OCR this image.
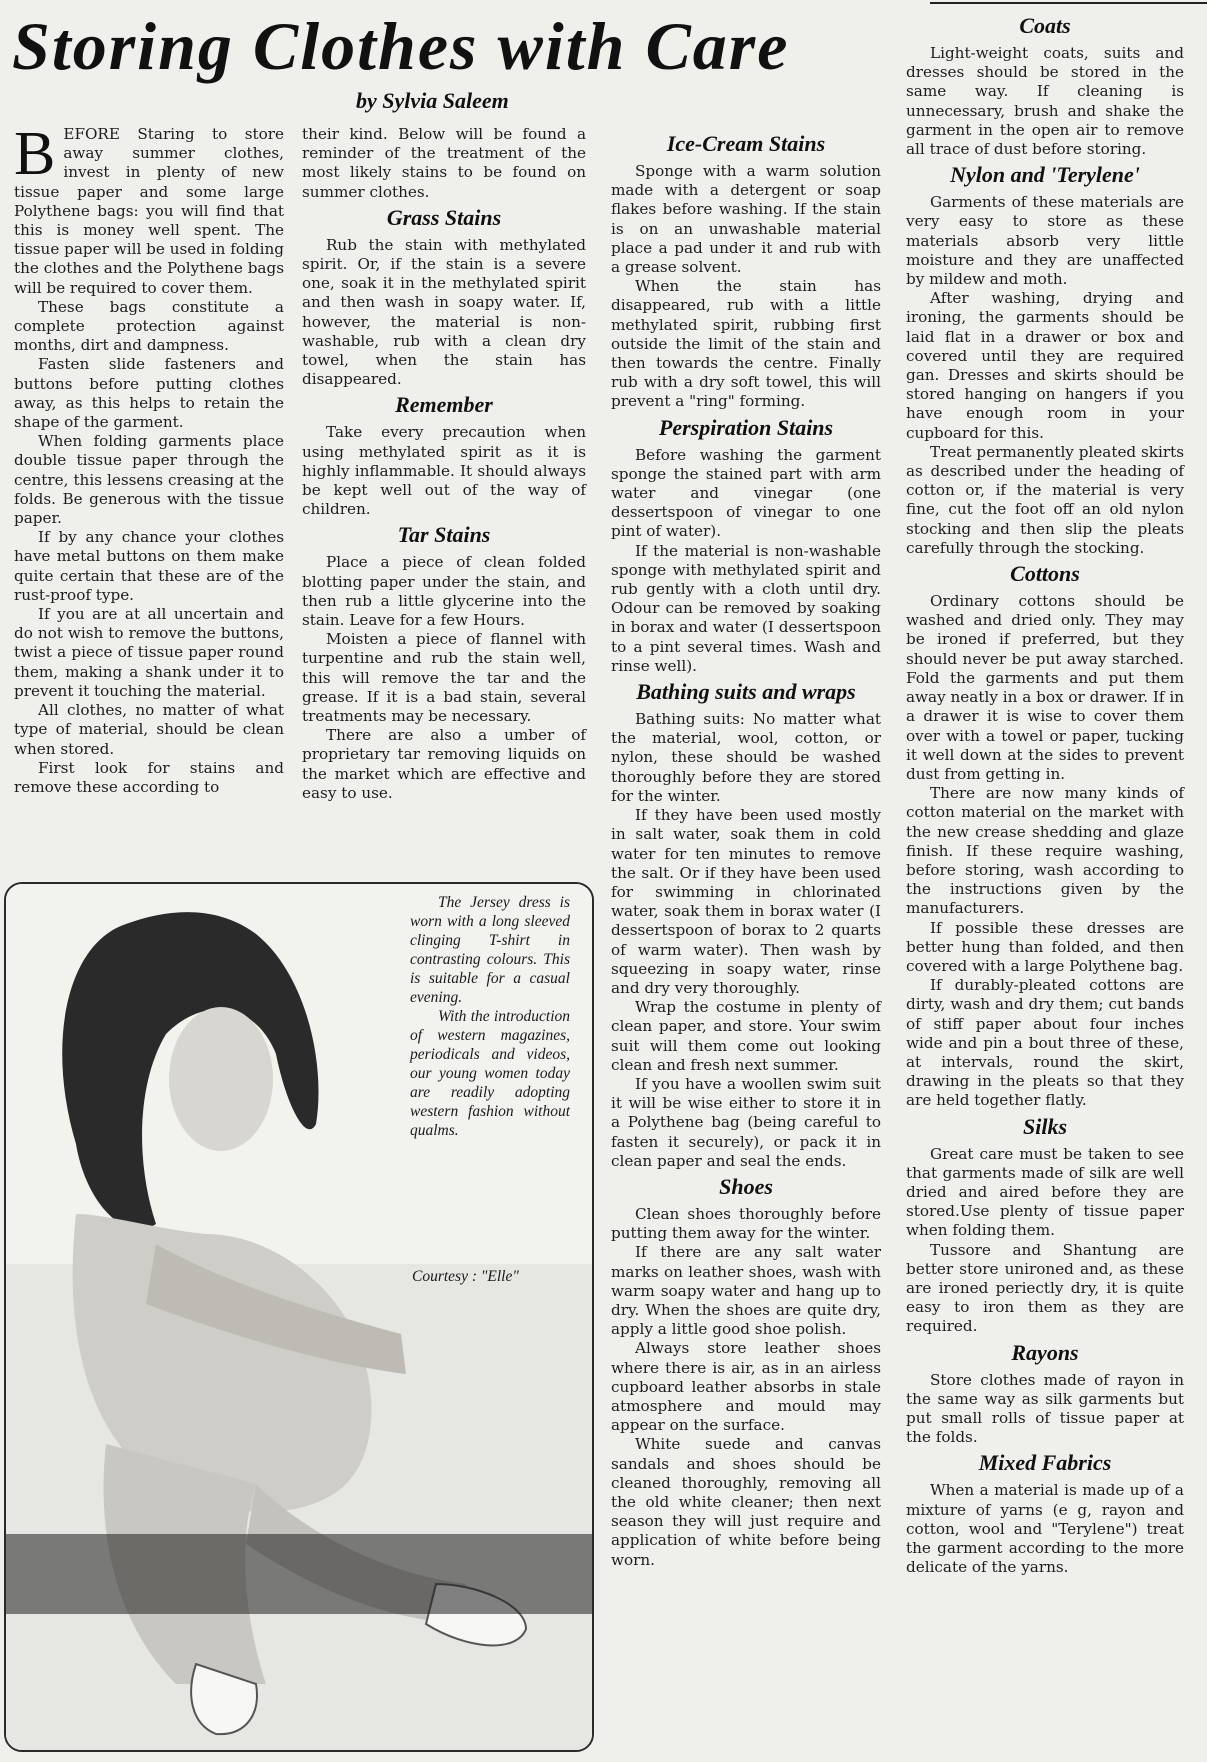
Storing Clothes with Care
by Sylvia Saleem

BEFORE Staring to store away summer clothes, invest in plenty of new tissue paper and some large Polythene bags: you will find that this is money well spent. The tissue paper will be used in folding the clothes and the Polythene bags will be required to cover them.

These bags constitute a complete protection against months, dirt and dampness.

Fasten slide fasteners and buttons before putting clothes away, as this helps to retain the shape of the garment.

When folding garments place double tissue paper through the centre, this lessens creasing at the folds. Be generous with the tissue paper.

If by any chance your clothes have metal buttons on them make quite certain that these are of the rust-proof type.

If you are at all uncertain and do not wish to remove the buttons, twist a piece of tissue paper round them, making a shank under it to prevent it touching the material.

All clothes, no matter of what type of material, should be clean when stored.

First look for stains and remove these according to

their kind. Below will be found a reminder of the treatment of the most likely stains to be found on summer clothes.

Grass Stains

Rub the stain with methylated spirit. Or, if the stain is a severe one, soak it in the methylated spirit and then wash in soapy water. If, however, the material is non-washable, rub with a clean dry towel, when the stain has disappeared.

Remember

Take every precaution when using methylated spirit as it is highly inflammable. It should always be kept well out of the way of children.

Tar Stains

Place a piece of clean folded blotting paper under the stain, and then rub a little glycerine into the stain. Leave for a few Hours.

Moisten a piece of flannel with turpentine and rub the stain well, this will remove the tar and the grease. If it is a bad stain, several treatments may be necessary.

There are also a umber of proprietary tar removing liquids on the market which are effective and easy to use.

The Jersey dress is worn with a long sleeved clinging T-shirt in contrasting colours. This is suitable for a casual evening.

With the introduction of western magazines, periodicals and videos, our young women today are readily adopting western fashion without qualms.

Courtesy : "Elle"
Ice-Cream Stains

Sponge with a warm solution made with a detergent or soap flakes before washing. If the stain is on an unwashable material place a pad under it and rub with a grease solvent.

When the stain has disappeared, rub with a little methylated spirit, rubbing first outside the limit of the stain and then towards the centre. Finally rub with a dry soft towel, this will prevent a "ring" forming.

Perspiration Stains

Before washing the garment sponge the stained part with arm water and vinegar (one dessertspoon of vinegar to one pint of water).

If the material is non-washable sponge with methylated spirit and rub gently with a cloth until dry. Odour can be removed by soaking in borax and water (I dessertspoon to a pint several times. Wash and rinse well).

Bathing suits and wraps

Bathing suits: No matter what the material, wool, cotton, or nylon, these should be washed thoroughly before they are stored for the winter.

If they have been used mostly in salt water, soak them in cold water for ten minutes to remove the salt. Or if they have been used for swimming in chlorinated water, soak them in borax water (I dessertspoon of borax to 2 quarts of warm water). Then wash by squeezing in soapy water, rinse and dry very thoroughly.

Wrap the costume in plenty of clean paper, and store. Your swim suit will them come out looking clean and fresh next summer.

If you have a woollen swim suit it will be wise either to store it in a Polythene bag (being careful to fasten it securely), or pack it in clean paper and seal the ends.

Shoes

Clean shoes thoroughly before putting them away for the winter.

If there are any salt water marks on leather shoes, wash with warm soapy water and hang up to dry. When the shoes are quite dry, apply a little good shoe polish.

Always store leather shoes where there is air, as in an airless cupboard leather absorbs in stale atmosphere and mould may appear on the surface.

White suede and canvas sandals and shoes should be cleaned thoroughly, removing all the old white cleaner; then next season they will just require and application of white before being worn.

Coats

Light-weight coats, suits and dresses should be stored in the same way. If cleaning is unnecessary, brush and shake the garment in the open air to remove all trace of dust before storing.

Nylon and 'Terylene'

Garments of these materials are very easy to store as these materials absorb very little moisture and they are unaffected by mildew and moth.

After washing, drying and ironing, the garments should be laid flat in a drawer or box and covered until they are required gan. Dresses and skirts should be stored hanging on hangers if you have enough room in your cupboard for this.

Treat permanently pleated skirts as described under the heading of cotton or, if the material is very fine, cut the foot off an old nylon stocking and then slip the pleats carefully through the stocking.

Cottons

Ordinary cottons should be washed and dried only. They may be ironed if preferred, but they should never be put away starched. Fold the garments and put them away neatly in a box or drawer. If in a drawer it is wise to cover them over with a towel or paper, tucking it well down at the sides to prevent dust from getting in.

There are now many kinds of cotton material on the market with the new crease shedding and glaze finish. If these require washing, before storing, wash according to the instructions given by the manufacturers.

If possible these dresses are better hung than folded, and then covered with a large Polythene bag.

If durably-pleated cottons are dirty, wash and dry them; cut bands of stiff paper about four inches wide and pin a bout three of these, at intervals, round the skirt, drawing in the pleats so that they are held together flatly.

Silks

Great care must be taken to see that garments made of silk are well dried and aired before they are stored.Use plenty of tissue paper when folding them.

Tussore and Shantung are better store unironed and, as these are ironed periectly dry, it is quite easy to iron them as they are required.

Rayons

Store clothes made of rayon in the same way as silk garments but put small rolls of tissue paper at the folds.

Mixed Fabrics

When a material is made up of a mixture of yarns (e g, rayon and cotton, wool and "Terylene") treat the garment according to the more delicate of the yarns.
